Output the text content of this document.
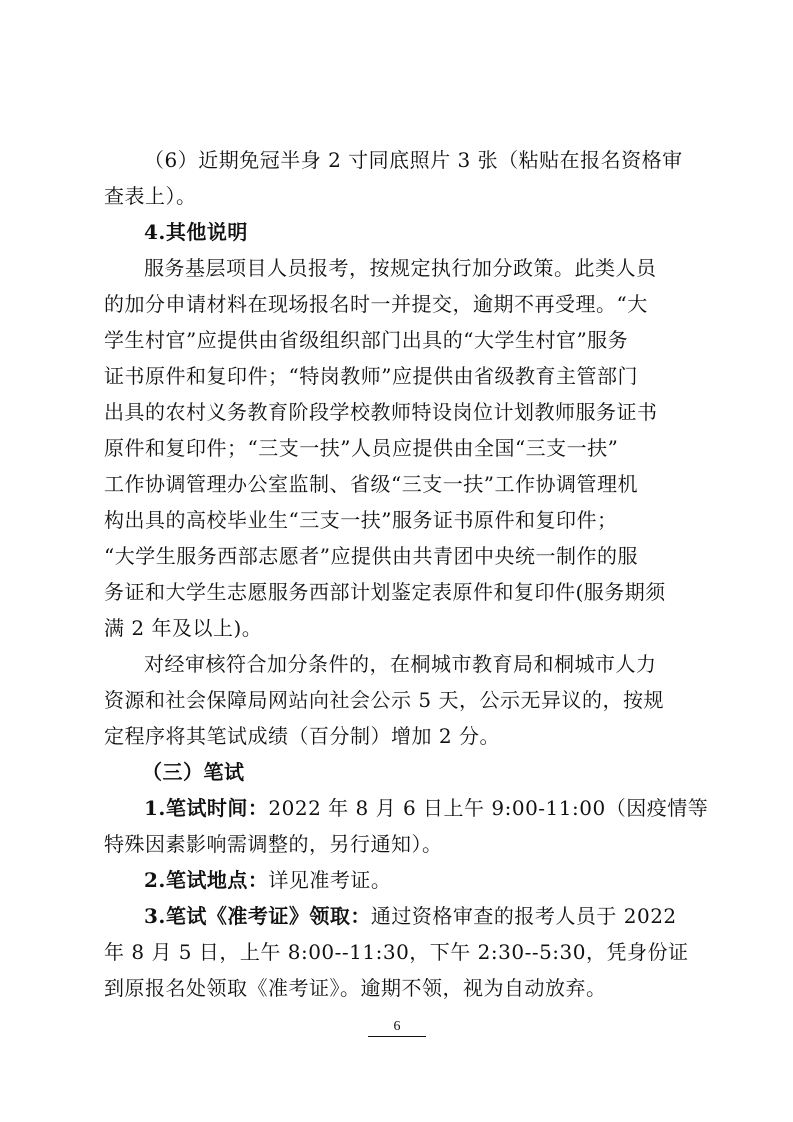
（6）近期免冠半身 2 寸同底照片 3 张（粘贴在报名资格审
查表上）。
4.其他说明
服务基层项目人员报考，按规定执行加分政策。此类人员
的加分申请材料在现场报名时一并提交，逾期不再受理。“大
学生村官”应提供由省级组织部门出具的“大学生村官”服务
证书原件和复印件；“特岗教师”应提供由省级教育主管部门
出具的农村义务教育阶段学校教师特设岗位计划教师服务证书
原件和复印件；“三支一扶”人员应提供由全国“三支一扶”
工作协调管理办公室监制、省级“三支一扶”工作协调管理机
构出具的高校毕业生“三支一扶”服务证书原件和复印件；
“大学生服务西部志愿者”应提供由共青团中央统一制作的服
务证和大学生志愿服务西部计划鉴定表原件和复印件(服务期须
满 2 年及以上)。
对经审核符合加分条件的，在桐城市教育局和桐城市人力
资源和社会保障局网站向社会公示 5 天，公示无异议的，按规
定程序将其笔试成绩（百分制）增加 2 分。
（三）笔试
1.笔试时间：2022 年 8 月 6 日上午 9:00-11:00（因疫情等
特殊因素影响需调整的，另行通知）。
2.笔试地点：详见准考证。
3.笔试《准考证》领取：通过资格审查的报考人员于 2022
年 8 月 5 日，上午 8:00--11:30，下午 2:30--5:30，凭身份证
到原报名处领取《准考证》。逾期不领，视为自动放弃。
6
